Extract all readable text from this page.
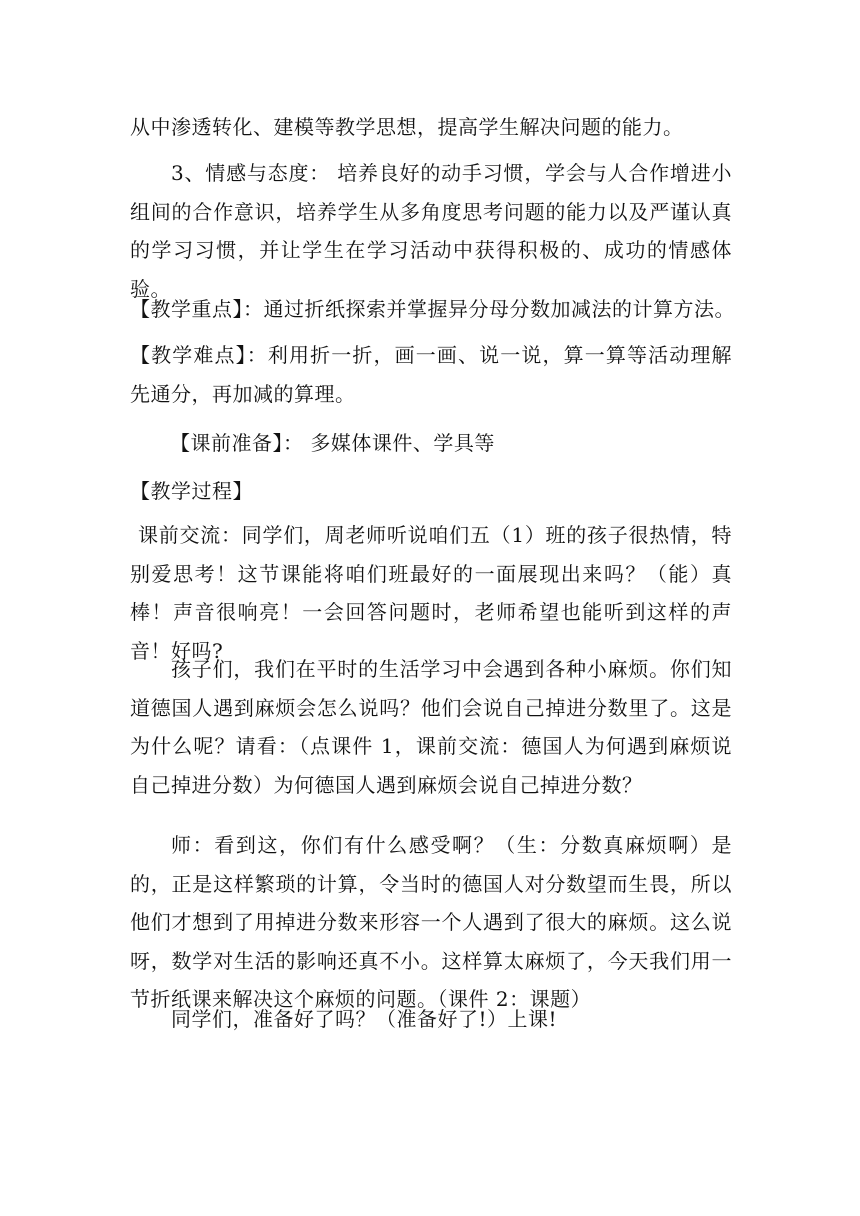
从中渗透转化、建模等教学思想，提高学生解决问题的能力。

3、情感与态度： 培养良好的动手习惯，学会与人合作增进小组间的合作意识，培养学生从多角度思考问题的能力以及严谨认真的学习习惯，并让学生在学习活动中获得积极的、成功的情感体验。

【教学重点】：通过折纸探索并掌握异分母分数加减法的计算方法。

【教学难点】：利用折一折，画一画、说一说，算一算等活动理解先通分，再加减的算理。

【课前准备】： 多媒体课件、学具等

【教学过程】

课前交流：同学们，周老师听说咱们五（1）班的孩子很热情，特别爱思考！这节课能将咱们班最好的一面展现出来吗？（能）真棒！声音很响亮！一会回答问题时，老师希望也能听到这样的声音！好吗?

孩子们，我们在平时的生活学习中会遇到各种小麻烦。你们知道德国人遇到麻烦会怎么说吗？他们会说自己掉进分数里了。这是为什么呢？请看：（点课件 1，课前交流：德国人为何遇到麻烦说自己掉进分数）为何德国人遇到麻烦会说自己掉进分数？

师：看到这，你们有什么感受啊？（生：分数真麻烦啊）是的，正是这样繁琐的计算，令当时的德国人对分数望而生畏，所以他们才想到了用掉进分数来形容一个人遇到了很大的麻烦。这么说呀，数学对生活的影响还真不小。这样算太麻烦了，今天我们用一节折纸课来解决这个麻烦的问题。（课件 2：课题）

同学们，准备好了吗？（准备好了!）上课!
